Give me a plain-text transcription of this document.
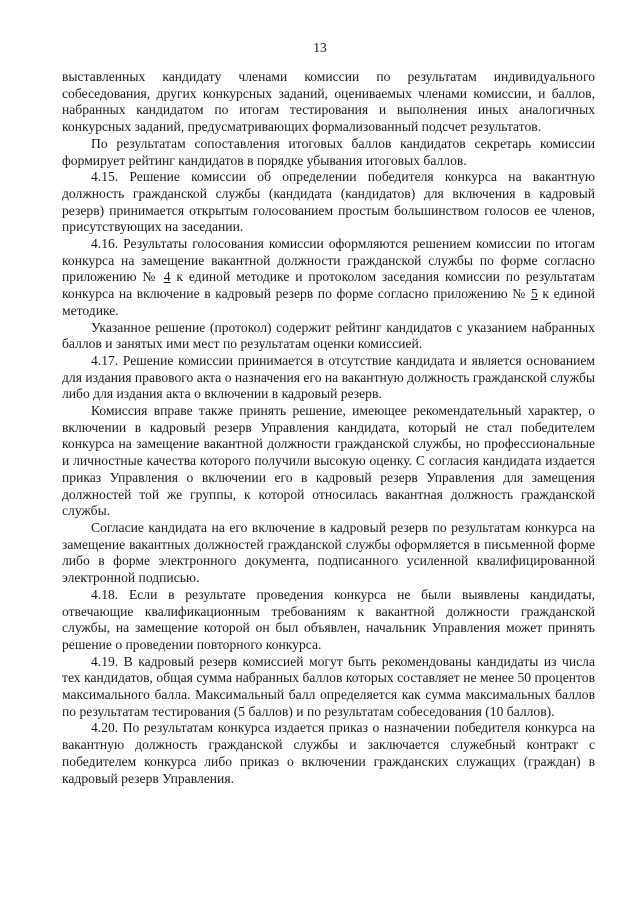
13

выставленных кандидату членами комиссии по результатам индивидуального собеседования, других конкурсных заданий, оцениваемых членами комиссии, и баллов, набранных кандидатом по итогам тестирования и выполнения иных аналогичных конкурсных заданий, предусматривающих формализованный подсчет результатов.

По результатам сопоставления итоговых баллов кандидатов секретарь комиссии формирует рейтинг кандидатов в порядке убывания итоговых баллов.

4.15. Решение комиссии об определении победителя конкурса на вакантную должность гражданской службы (кандидата (кандидатов) для включения в кадровый резерв) принимается открытым голосованием простым большинством голосов ее членов, присутствующих на заседании.

4.16. Результаты голосования комиссии оформляются решением комиссии по итогам конкурса на замещение вакантной должности гражданской службы по форме согласно приложению № 4 к единой методике и протоколом заседания комиссии по результатам конкурса на включение в кадровый резерв по форме согласно приложению № 5 к единой методике.

Указанное решение (протокол) содержит рейтинг кандидатов с указанием набранных баллов и занятых ими мест по результатам оценки комиссией.

4.17. Решение комиссии принимается в отсутствие кандидата и является основанием для издания правового акта о назначения его на вакантную должность гражданской службы либо для издания акта о включении в кадровый резерв.

Комиссия вправе также принять решение, имеющее рекомендательный характер, о включении в кадровый резерв Управления кандидата, который не стал победителем конкурса на замещение вакантной должности гражданской службы, но профессиональные и личностные качества которого получили высокую оценку. С согласия кандидата издается приказ Управления о включении его в кадровый резерв Управления для замещения должностей той же группы, к которой относилась вакантная должность гражданской службы.

Согласие кандидата на его включение в кадровый резерв по результатам конкурса на замещение вакантных должностей гражданской службы оформляется в письменной форме либо в форме электронного документа, подписанного усиленной квалифицированной электронной подписью.

4.18. Если в результате проведения конкурса не были выявлены кандидаты, отвечающие квалификационным требованиям к вакантной должности гражданской службы, на замещение которой он был объявлен, начальник Управления может принять решение о проведении повторного конкурса.

4.19. В кадровый резерв комиссией могут быть рекомендованы кандидаты из числа тех кандидатов, общая сумма набранных баллов которых составляет не менее 50 процентов максимального балла. Максимальный балл определяется как сумма максимальных баллов по результатам тестирования (5 баллов) и по результатам собеседования (10 баллов).

4.20. По результатам конкурса издается приказ о назначении победителя конкурса на вакантную должность гражданской службы и заключается служебный контракт с победителем конкурса либо приказ о включении гражданских служащих (граждан) в кадровый резерв Управления.
